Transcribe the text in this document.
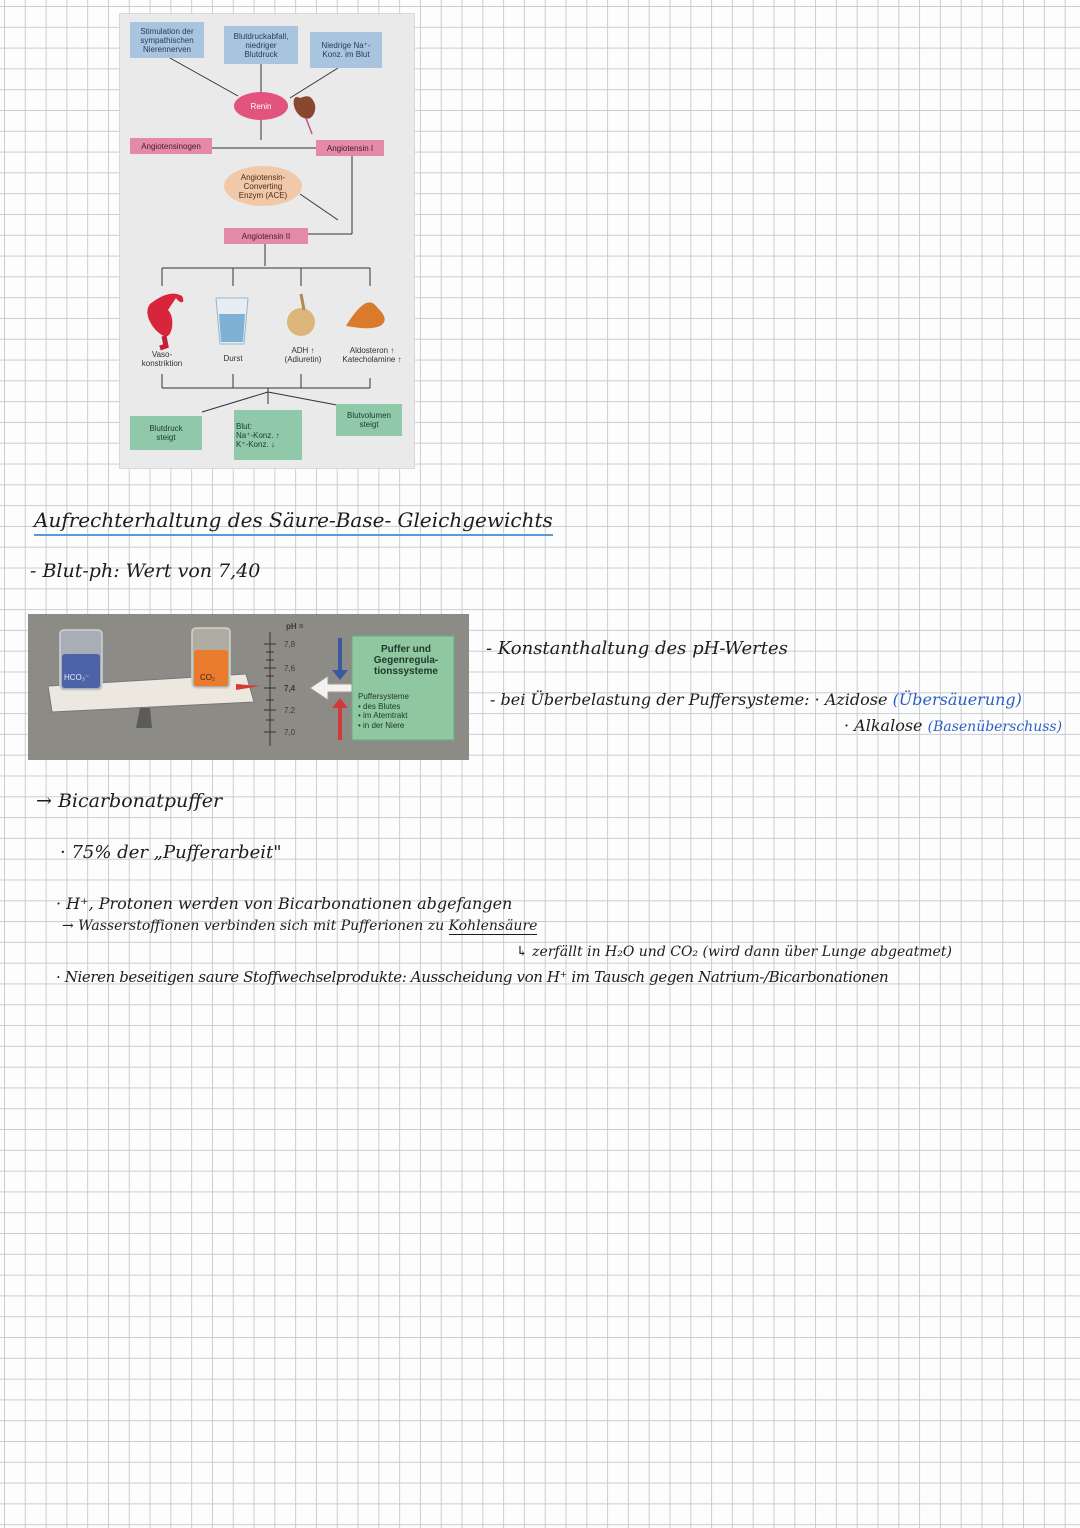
Stimulation der
sympathischen
Nierennerven
Blutdruckabfall,
niedriger
Blutdruck
Niedrige Na⁺-
Konz. im Blut
Renin
Angiotensinogen	Angiotensin I
Angiotensin-
Converting
Enzym (ACE)
Angiotensin II
Vaso-
konstriktion
Durst
ADH ↑
(Adiuretin)
Aldosteron ↑
Katecholamine ↑
Blutdruck
steigt
Blut:
Na⁺-Konz. ↑
K⁺-Konz. ↓
Blutvolumen
steigt
Aufrechterhaltung des Säure-Base- Gleichgewichts
- Blut-ph: Wert von 7,40
HCO₃⁻	CO₂
pH =
7,8
7,6
7,4
7,2
7,0
Puffer und
Gegenregula-
tionssysteme
Puffersysteme
• des Blutes
• im Atemtrakt
• in der Niere
- Konstanthaltung des pH-Wertes
- bei Überbelastung der Puffersysteme: · Azidose (Übersäuerung)
· Alkalose (Basenüberschuss)
→ Bicarbonatpuffer
· 75% der „Pufferarbeit"
· H⁺, Protonen werden von Bicarbonationen abgefangen
→ Wasserstoffionen verbinden sich mit Pufferionen zu Kohlensäure
↳ zerfällt in H₂O und CO₂ (wird dann über Lunge abgeatmet)
· Nieren beseitigen saure Stoffwechselprodukte: Ausscheidung von H⁺ im Tausch gegen Natrium-/Bicarbonationen
